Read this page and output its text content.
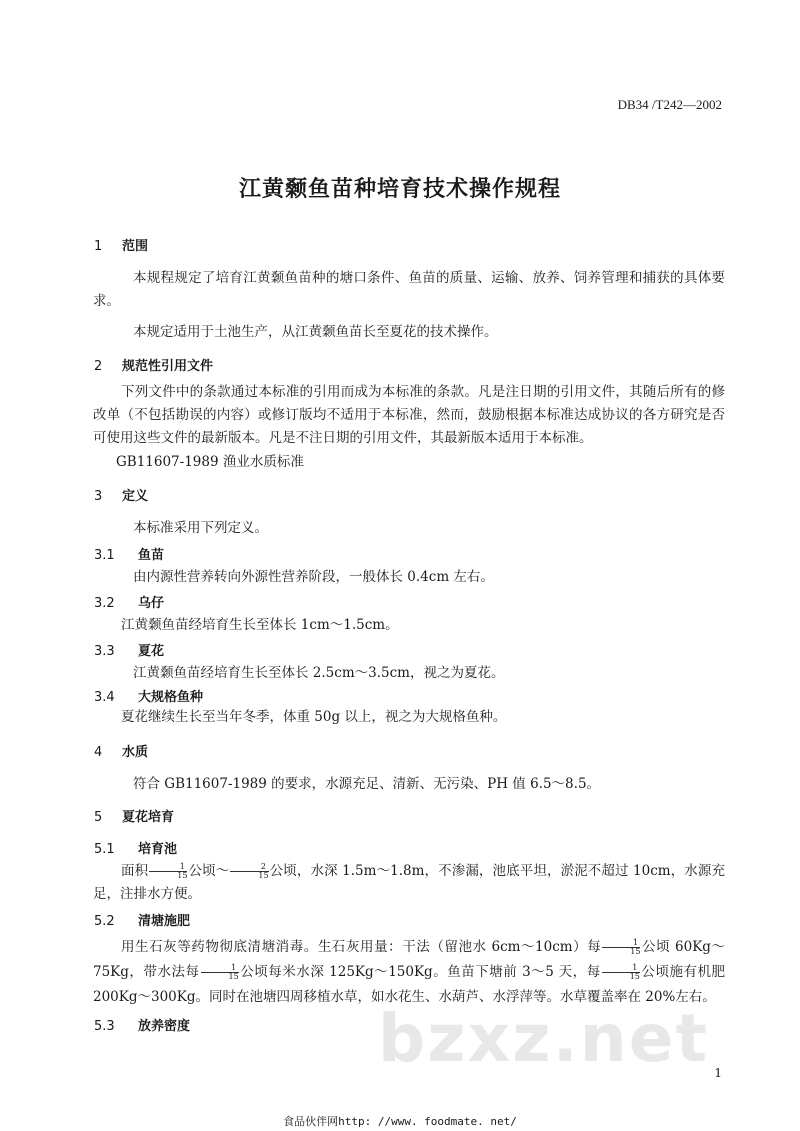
DB34 /T242—2002
江黄颡鱼苗种培育技术操作规程
1 范围
本规程规定了培育江黄颡鱼苗种的塘口条件、鱼苗的质量、运输、放养、饲养管理和捕获的具体要求。
本规定适用于土池生产，从江黄颡鱼苗长至夏花的技术操作。
2 规范性引用文件
下列文件中的条款通过本标准的引用而成为本标准的条款。凡是注日期的引用文件，其随后所有的修改单（不包括勘误的内容）或修订版均不适用于本标准，然而，鼓励根据本标准达成协议的各方研究是否可使用这些文件的最新版本。凡是不注日期的引用文件，其最新版本适用于本标准。
GB11607-1989 渔业水质标准
3 定义
本标准采用下列定义。
3.1 鱼苗
由内源性营养转向外源性营养阶段，一般体长 0.4cm 左右。
3.2 乌仔
江黄颡鱼苗经培育生长至体长 1cm～1.5cm。
3.3 夏花
江黄颡鱼苗经培育生长至体长 2.5cm～3.5cm，视之为夏花。
3.4 大规格鱼种
夏花继续生长至当年冬季，体重 50g 以上，视之为大规格鱼种。
4 水质
符合 GB11607-1989 的要求，水源充足、清新、无污染、PH 值 6.5～8.5。
5 夏花培育
5.1 培育池
面积 $\frac{1}{15}$ 公顷～ $\frac{2}{15}$ 公顷，水深 1.5m～1.8m，不渗漏，池底平坦，淤泥不超过 10cm，水源充足，注排水方便。
5.2 清塘施肥
用生石灰等药物彻底清塘消毒。生石灰用量：干法（留池水 6cm～10cm）每 $\frac{1}{15}$ 公顷 60Kg～75Kg，带水法每 $\frac{1}{15}$ 公顷每米水深 125Kg～150Kg。鱼苗下塘前 3～5 天，每 $\frac{1}{15}$ 公顷施有机肥 200Kg～300Kg。同时在池塘四周移植水草，如水花生、水葫芦、水浮萍等。水草覆盖率在 20%左右。
5.3 放养密度	bzxz.net 1
食品伙伴网http: //www. foodmate. net/
